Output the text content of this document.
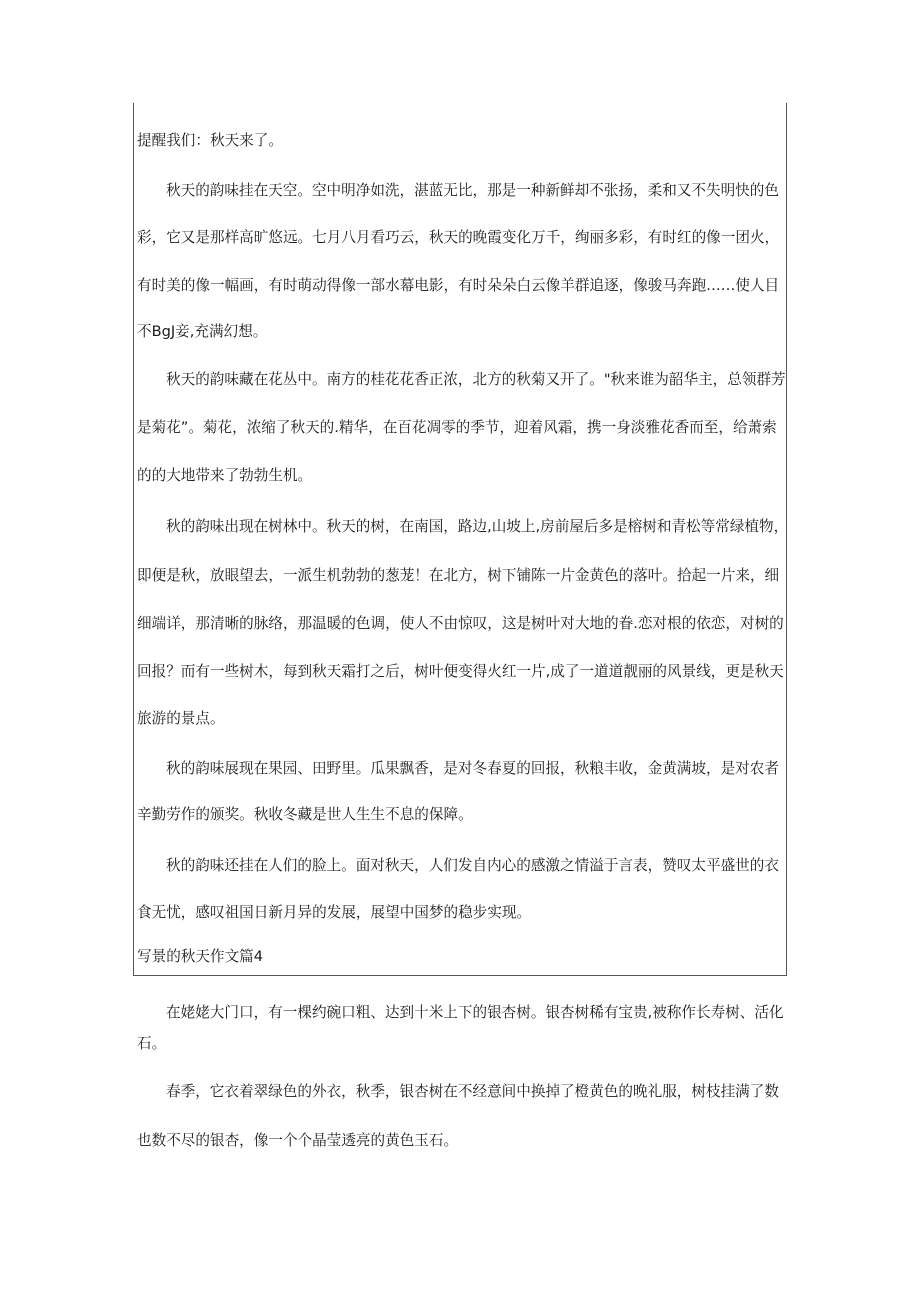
提醒我们：秋天来了。
秋天的韵味挂在天空。空中明净如洗，湛蓝无比，那是一种新鲜却不张扬，柔和又不失明快的色
彩，它又是那样高旷悠远。七月八月看巧云，秋天的晚霞变化万千，绚丽多彩，有时红的像一团火，
有时美的像一幅画，有时萌动得像一部水幕电影，有时朵朵白云像羊群追逐，像骏马奔跑……使人目
不BgJ妾,充满幻想。
秋天的韵味藏在花丛中。南方的桂花花香正浓，北方的秋菊又开了。"秋来谁为韶华主，总领群芳
是菊花”。菊花，浓缩了秋天的.精华，在百花凋零的季节，迎着风霜，携一身淡雅花香而至，给萧索
的的大地带来了勃勃生机。
秋的韵味出现在树林中。秋天的树，在南国，路边,山坡上,房前屋后多是榕树和青松等常绿植物，
即便是秋，放眼望去，一派生机勃勃的葱茏！在北方，树下铺陈一片金黄色的落叶。拾起一片来，细
细端详，那清晰的脉络，那温暖的色调，使人不由惊叹，这是树叶对大地的眷.恋对根的依恋，对树的
回报？而有一些树木，每到秋天霜打之后，树叶便变得火红一片,成了一道道靓丽的风景线，更是秋天
旅游的景点。
秋的韵味展现在果园、田野里。瓜果飘香，是对冬春夏的回报，秋粮丰收，金黄满坡，是对农者
辛勤劳作的颁奖。秋收冬藏是世人生生不息的保障。
秋的韵味还挂在人们的脸上。面对秋天，人们发自内心的感激之情溢于言表，赞叹太平盛世的衣
食无忧，感叹祖国日新月异的发展，展望中国梦的稳步实现。
写景的秋天作文篇4
在姥姥大门口，有一棵约碗口粗、达到十米上下的银杏树。银杏树稀有宝贵,被称作长寿树、活化
石。
春季，它衣着翠绿色的外衣，秋季，银杏树在不经意间中换掉了橙黄色的晚礼服，树枝挂满了数
也数不尽的银杏，像一个个晶莹透亮的黄色玉石。
